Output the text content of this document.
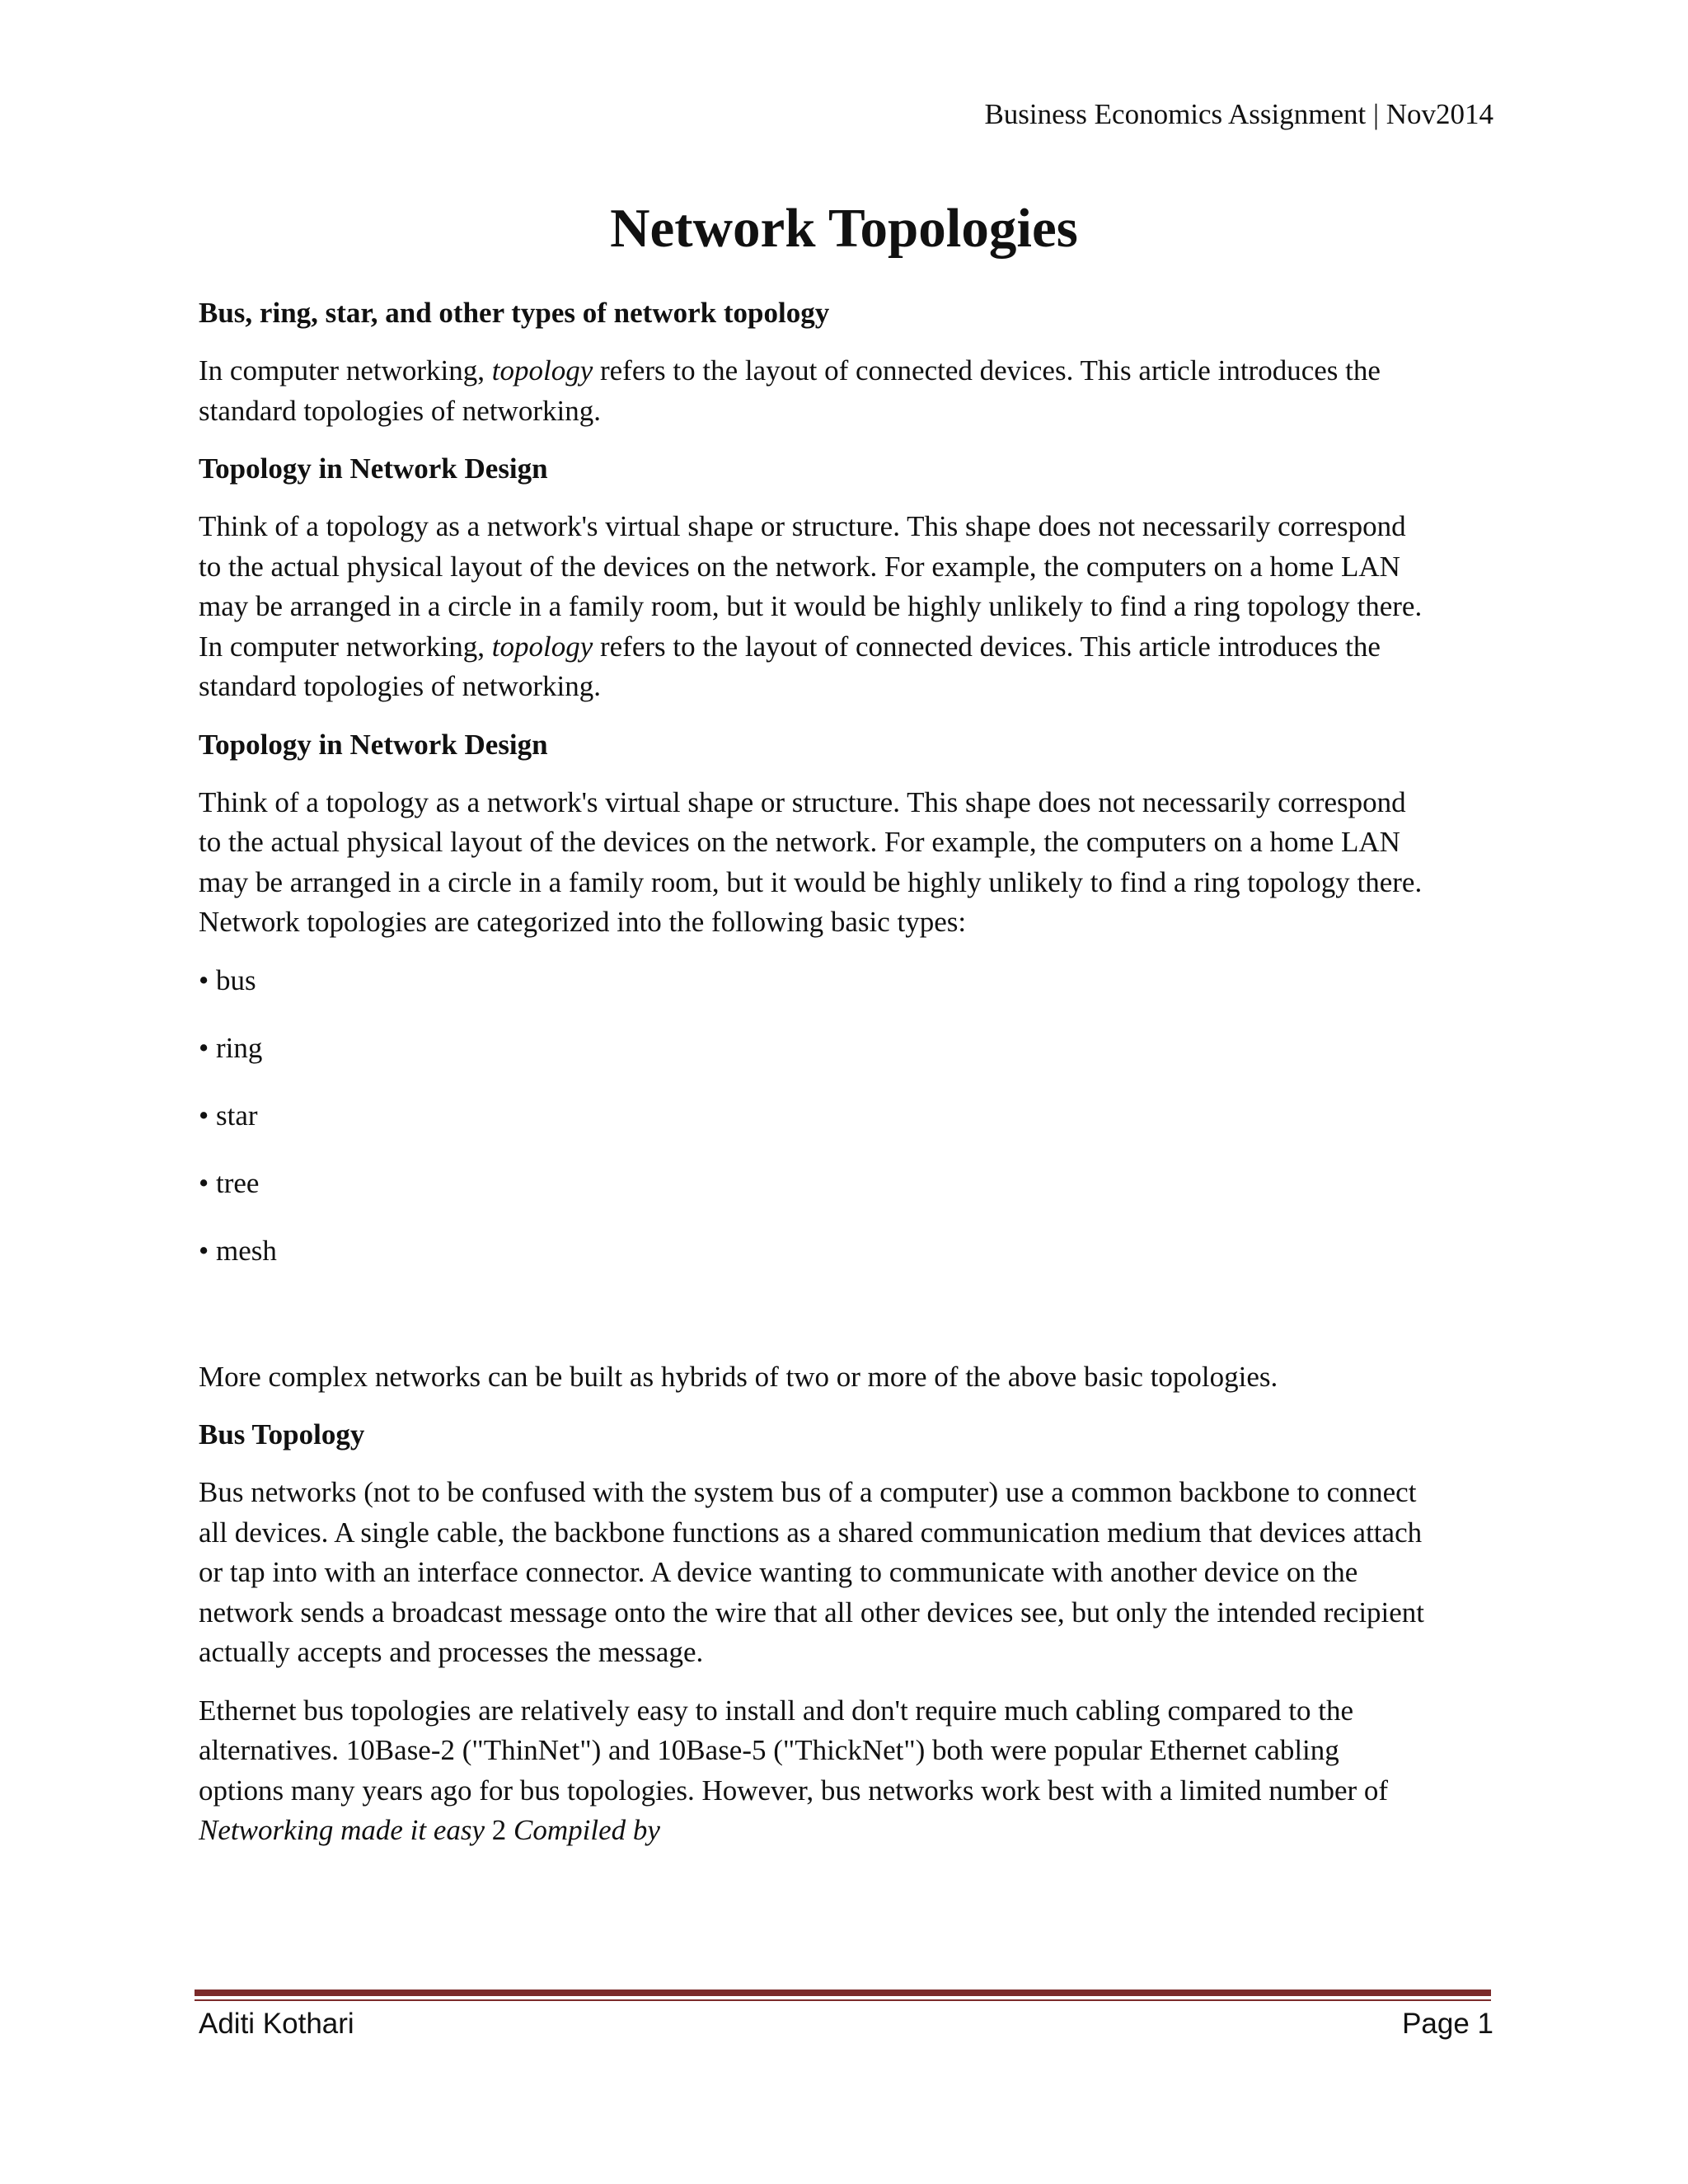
Business Economics Assignment | Nov2014
Network Topologies

Bus, ring, star, and other types of network topology

In computer networking, topology refers to the layout of connected devices. This article introduces the
standard topologies of networking.

Topology in Network Design

Think of a topology as a network's virtual shape or structure. This shape does not necessarily correspond
to the actual physical layout of the devices on the network. For example, the computers on a home LAN
may be arranged in a circle in a family room, but it would be highly unlikely to find a ring topology there.
In computer networking, topology refers to the layout of connected devices. This article introduces the
standard topologies of networking.

Topology in Network Design

Think of a topology as a network's virtual shape or structure. This shape does not necessarily correspond
to the actual physical layout of the devices on the network. For example, the computers on a home LAN
may be arranged in a circle in a family room, but it would be highly unlikely to find a ring topology there.
Network topologies are categorized into the following basic types:

• bus
• ring
• star
• tree
• mesh

More complex networks can be built as hybrids of two or more of the above basic topologies.

Bus Topology

Bus networks (not to be confused with the system bus of a computer) use a common backbone to connect
all devices. A single cable, the backbone functions as a shared communication medium that devices attach
or tap into with an interface connector. A device wanting to communicate with another device on the
network sends a broadcast message onto the wire that all other devices see, but only the intended recipient
actually accepts and processes the message.

Ethernet bus topologies are relatively easy to install and don't require much cabling compared to the
alternatives. 10Base-2 ("ThinNet") and 10Base-5 ("ThickNet") both were popular Ethernet cabling
options many years ago for bus topologies. However, bus networks work best with a limited number of
Networking made it easy 2 Compiled by

Aditi Kothari	Page 1
